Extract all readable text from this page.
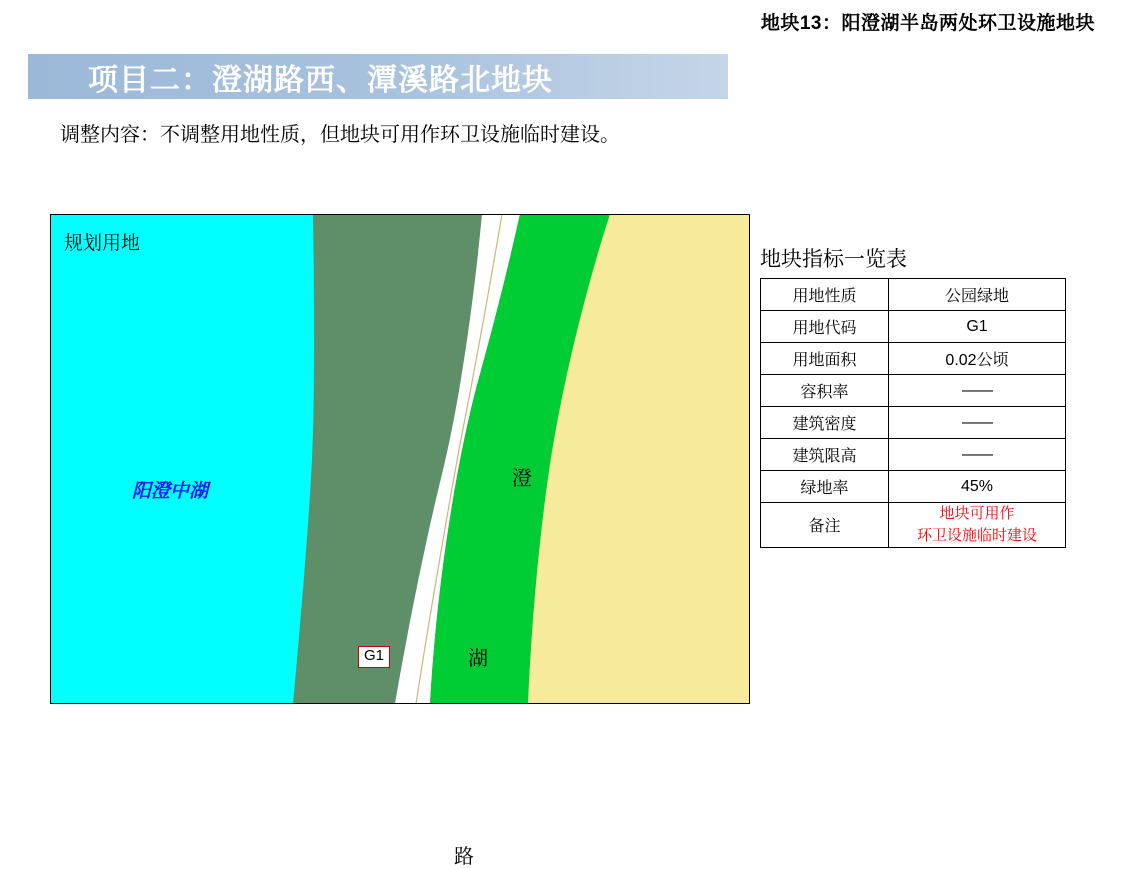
地块13：阳澄湖半岛两处环卫设施地块
项目二：澄湖路西、潭溪路北地块
调整内容：不调整用地性质，但地块可用作环卫设施临时建设。
规划用地
阳澄中湖
澄
湖
路
G1
地块指标一览表
用地性质	公园绿地
用地代码	G1
用地面积	0.02公顷
容积率	——
建筑密度	——
建筑限高	——
绿地率	45%
备注	地块可用作
环卫设施临时建设
